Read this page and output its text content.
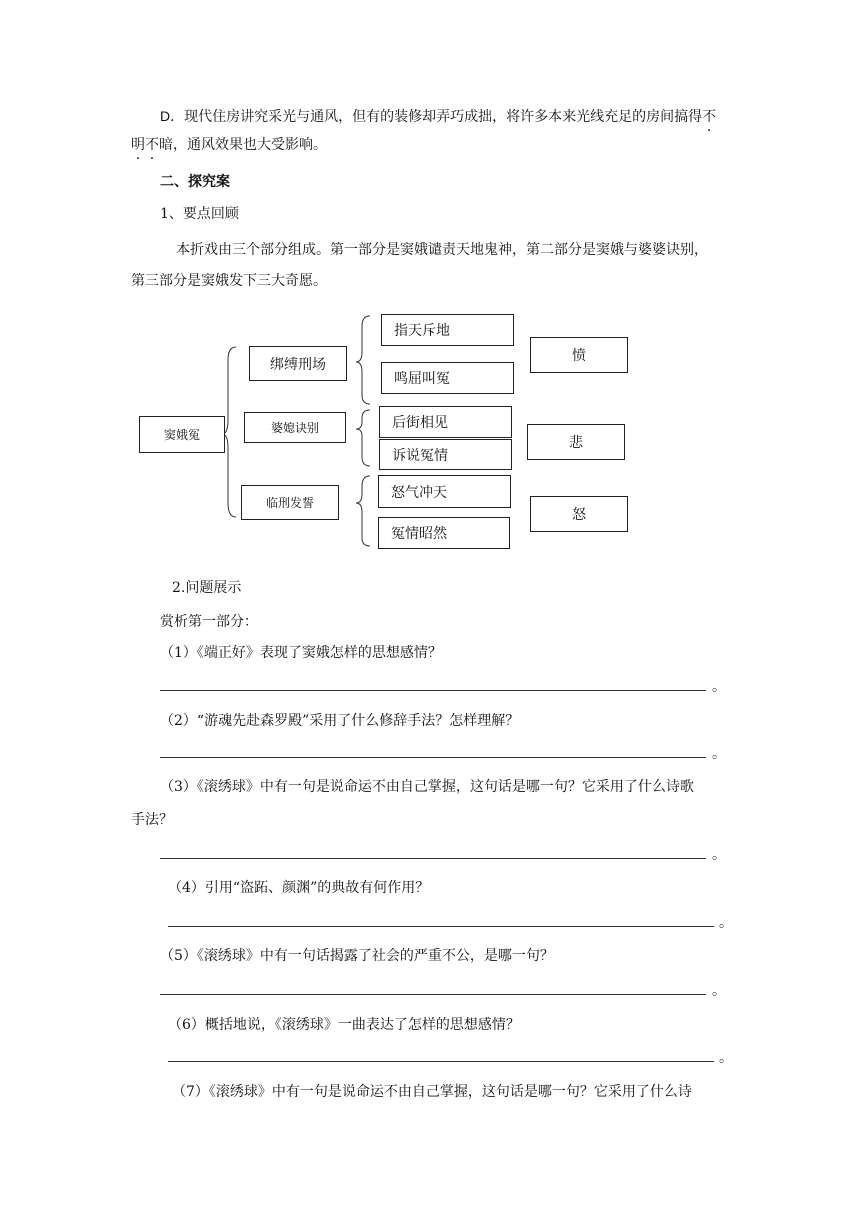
D．现代住房讲究采光与通风，但有的装修却弄巧成拙，将许多本来光线充足的房间搞得不
明不暗，通风效果也大受影响。
二、探究案
1、要点回顾
本折戏由三个部分组成。第一部分是窦娥谴责天地鬼神，第二部分是窦娥与婆婆诀别，
第三部分是窦娥发下三大奇愿。
窦娥冤
绑缚刑场
婆媳诀别
临刑发誓
指天斥地
鸣屈叫冤
后街相见
诉说冤情
怒气冲天
冤情昭然
愤
悲
怒
2.问题展示
赏析第一部分：
（1）《端正好》表现了窦娥怎样的思想感情？
。
（2）“游魂先赴森罗殿”采用了什么修辞手法？怎样理解？
。
（3）《滚绣球》中有一句是说命运不由自己掌握，这句话是哪一句？它采用了什么诗歌
手法？
。
（4）引用“盗跖、颜渊”的典故有何作用？
。
（5）《滚绣球》中有一句话揭露了社会的严重不公，是哪一句？
。
（6）概括地说，《滚绣球》一曲表达了怎样的思想感情？
。
（7）《滚绣球》中有一句是说命运不由自己掌握，这句话是哪一句？它采用了什么诗
